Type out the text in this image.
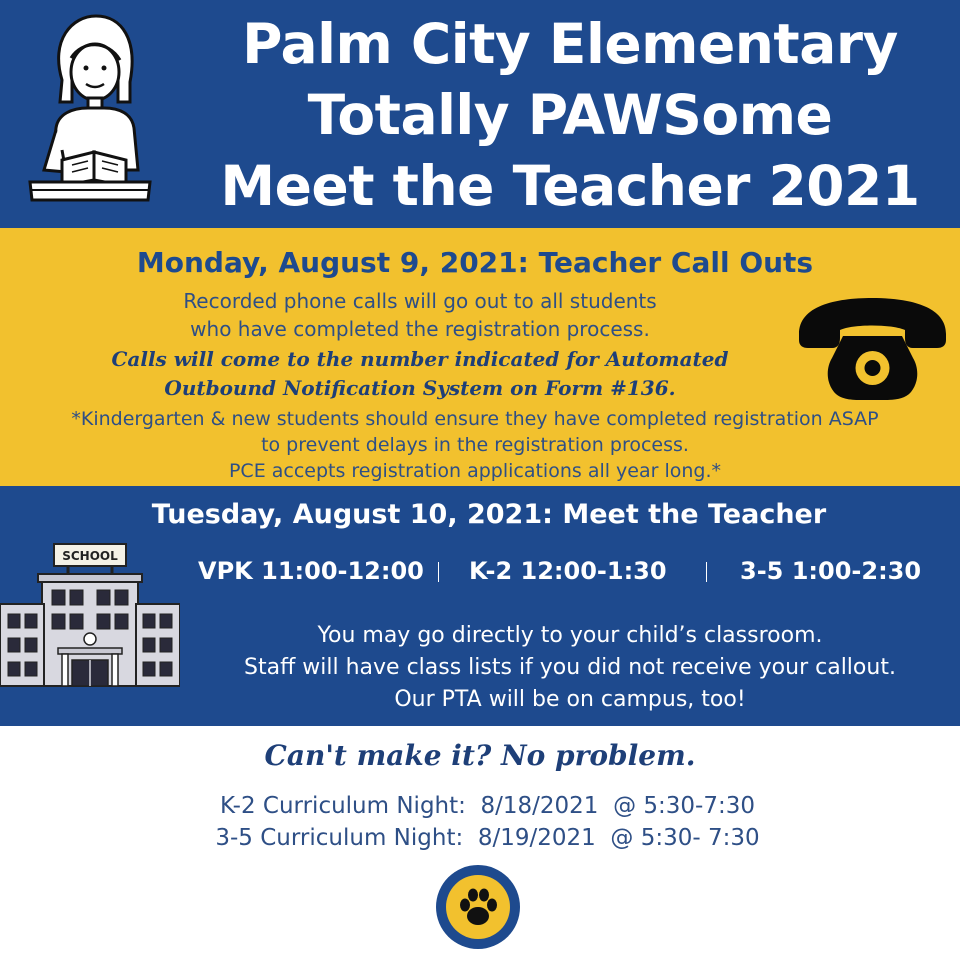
Palm City Elementary
Totally PAWSome
Meet the Teacher 2021
Monday, August 9, 2021: Teacher Call Outs
Recorded phone calls will go out to all students
who have completed the registration process.
Calls will come to the number indicated for Automated
Outbound Notification System on Form #136.
*Kindergarten & new students should ensure they have completed registration ASAP
to prevent delays in the registration process.
PCE accepts registration applications all year long.*
Tuesday, August 10, 2021: Meet the Teacher
SCHOOL
VPK 11:00-12:00 K-2 12:00-1:30	3-5 1:00-2:30
You may go directly to your child’s classroom.
Staff will have class lists if you did not receive your callout.
Our PTA will be on campus, too!
Can't make it? No problem.
K-2 Curriculum Night:  8/18/2021  @ 5:30-7:30
3-5 Curriculum Night:  8/19/2021  @ 5:30- 7:30
